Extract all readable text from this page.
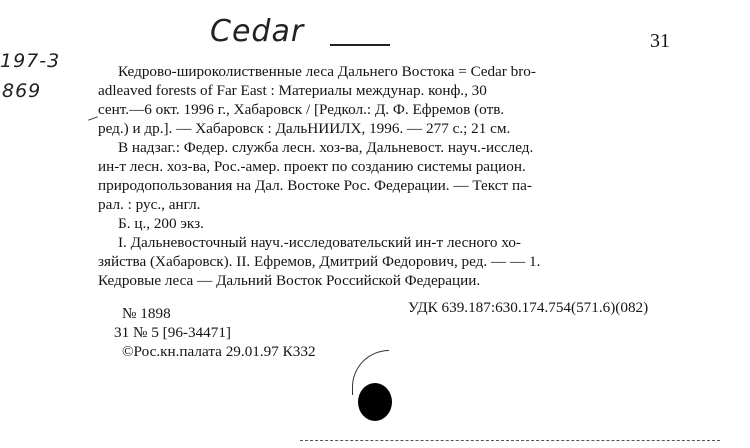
Cedar
197-3
869
31
Кедрово-широколиственные леса Дальнего Востока = Cedar bro-
adleaved forests of Far East : Материалы междунар. конф., 30
сент.—6 окт. 1996 г., Хабаровск / [Редкол.: Д. Ф. Ефремов (отв.
ред.) и др.]. — Хабаровск : ДальНИИЛХ, 1996. — 277 с.; 21 см.
В надзаг.: Федер. служба лесн. хоз-ва, Дальневост. науч.-исслед.
ин-т лесн. хоз-ва, Рос.-амер. проект по созданию системы рацион.
природопользования на Дал. Востоке Рос. Федерации. — Текст па-
рал. : рус., англ.
Б. ц., 200 экз.
I. Дальневосточный науч.-исследовательский ин-т лесного хо-
зяйства (Хабаровск). II. Ефремов, Дмитрий Федорович, ред. — — 1.
Кедровые леса — Дальний Восток Российской Федерации.
№ 1898	УДК 639.187:630.174.754(571.6)(082)
31 № 5 [96-34471]
©Рос.кн.палата 29.01.97 К332
